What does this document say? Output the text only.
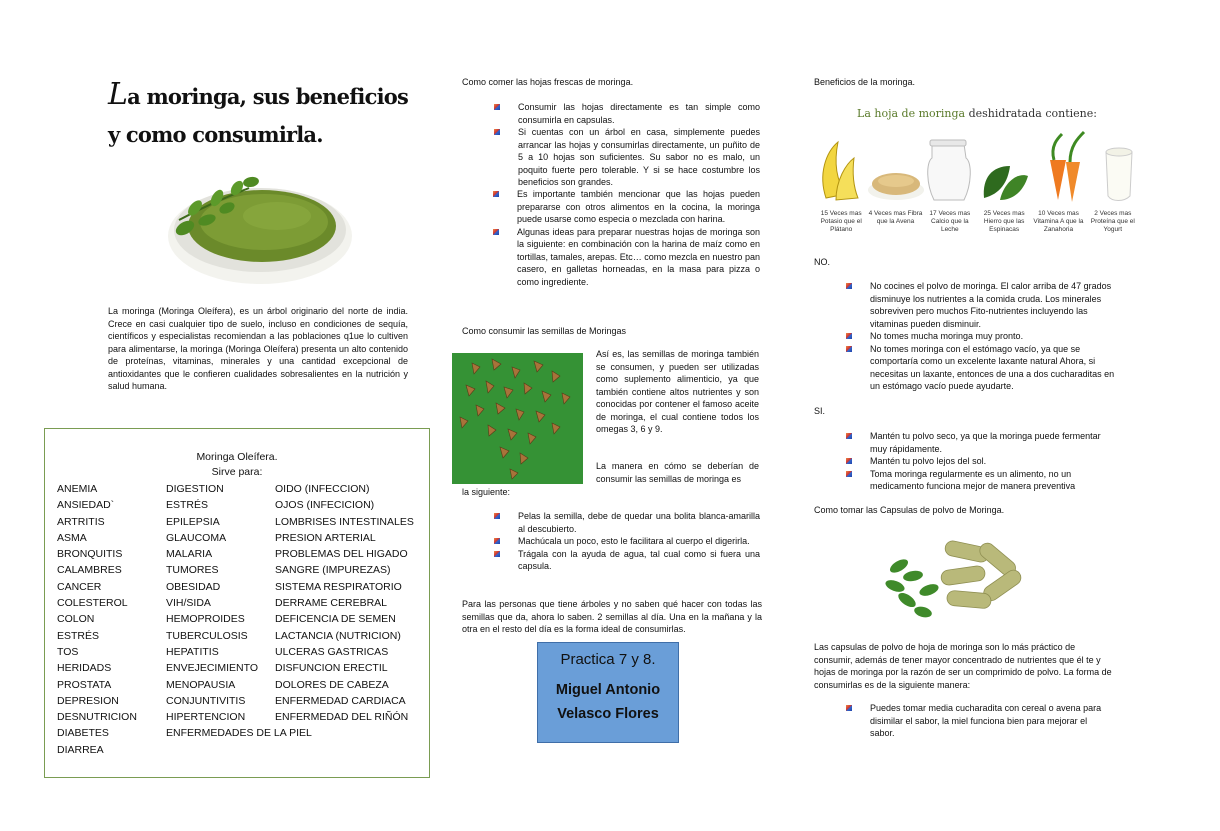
La moringa, sus beneficios
y como consumirla.
La moringa (Moringa Oleífera), es un árbol originario del norte de india. Crece en casi cualquier tipo de suelo, incluso en condiciones de sequía, científicos y especialistas recomiendan a las poblaciones q1ue lo cultiven para alimentarse, la moringa (Moringa Oleífera) presenta un alto contenido de proteínas, vitaminas, minerales y una cantidad excepcional de antioxidantes que le confieren cualidades sobresalientes en la nutrición y salud humana.
Moringa Oleífera.
Sirve para:
ANEMIA	DIGESTION	OIDO (INFECCION)
ANSIEDAD`	ESTRÉS	OJOS (INFECICION)
ARTRITIS	EPILEPSIA	LOMBRISES INTESTINALES
ASMA	GLAUCOMA	PRESION ARTERIAL
BRONQUITIS	MALARIA	PROBLEMAS DEL HIGADO
CALAMBRES	TUMORES	SANGRE (IMPUREZAS)
CANCER	OBESIDAD	SISTEMA RESPIRATORIO
COLESTEROL	VIH/SIDA	DERRAME CEREBRAL
COLON	HEMOPROIDES	DEFICENCIA DE SEMEN
ESTRÉS	TUBERCULOSIS	LACTANCIA (NUTRICION)
TOS	HEPATITIS	ULCERAS GASTRICAS
HERIDADS	ENVEJECIMIENTO	DISFUNCION ERECTIL
PROSTATA	MENOPAUSIA	DOLORES DE CABEZA
DEPRESION	CONJUNTIVITIS	ENFERMEDAD CARDIACA
DESNUTRICION	HIPERTENCION	ENFERMEDAD DEL RIÑÓN
DIABETES	ENFERMEDADES DE LA PIEL
DIARREA
Como comer las hojas frescas de moringa.
Consumir las hojas directamente es tan simple como consumirla en capsulas.
Si cuentas con un árbol en casa, simplemente puedes arrancar las hojas y consumirlas directamente, un puñito de 5 a 10 hojas son suficientes. Su sabor no es malo, un poquito fuerte pero tolerable. Y si se hace costumbre los beneficios son grandes.
Es importante también mencionar que las hojas pueden prepararse con otros alimentos en la cocina, la moringa puede usarse como especia o mezclada con harina.
Algunas ideas para preparar nuestras hojas de moringa son la siguiente: en combinación con la harina de maíz como en tortillas, tamales, arepas. Etc… como mezcla en nuestro pan casero, en galletas horneadas, en la masa para pizza o como ingrediente.
Como consumir las semillas de Moringas
Así es, las semillas de moringa también se consumen, y pueden ser utilizadas como suplemento alimenticio, ya que también contiene altos nutrientes y son conocidas por contener el famoso aceite de moringa, el cual contiene todos los omegas 3, 6 y 9.
La manera en cómo se deberían de consumir las semillas de moringa es
la siguiente:
Pelas la semilla, debe de quedar una bolita blanca-amarilla al descubierto.
Machúcala un poco, esto le facilitara al cuerpo el digerirla.
Trágala con la ayuda de agua, tal cual como si fuera una capsula.
Para las personas que tiene árboles y no saben qué hacer con todas las semillas que da, ahora lo saben. 2 semillas al día. Una en la mañana y la otra en el resto del día es la forma ideal de consumirlas.
Practica 7 y 8.
Miguel Antonio
Velasco Flores
Beneficios de la moringa.
La hoja de moringa deshidratada contiene:
15 Veces mas Potasio que el Plátano
4 Veces mas Fibra que la Avena
17 Veces mas Calcio que la Leche
25 Veces mas Hierro que las Espinacas
10 Veces mas Vitamina A que la Zanahoria
2 Veces mas Proteína que el Yogurt
NO.
No cocines el polvo de moringa. El calor arriba de 47 grados disminuye los nutrientes a la comida cruda. Los minerales sobreviven pero muchos Fito-nutrientes incluyendo las vitaminas pueden disminuir.
No tomes mucha moringa muy pronto.
No tomes moringa con el estómago vacío, ya que se comportaría como un excelente laxante natural Ahora, si necesitas un laxante, entonces de una a dos cucharaditas en un estómago vacío puede ayudarte.
SI.
Mantén tu polvo seco, ya que la moringa puede fermentar muy rápidamente.
Mantén tu polvo lejos del sol.
Toma moringa regularmente es un alimento, no un medicamento funciona mejor de manera preventiva
Como tomar las Capsulas de polvo de Moringa.
Las capsulas de polvo de hoja de moringa son lo más práctico de consumir, además de tener mayor concentrado de nutrientes que él te y hojas de moringa por la razón de ser un comprimido de polvo. La forma de consumirlas es de la siguiente manera:
Puedes tomar media cucharadita con cereal o avena para disimilar el sabor, la miel funciona bien para mejorar el sabor.
